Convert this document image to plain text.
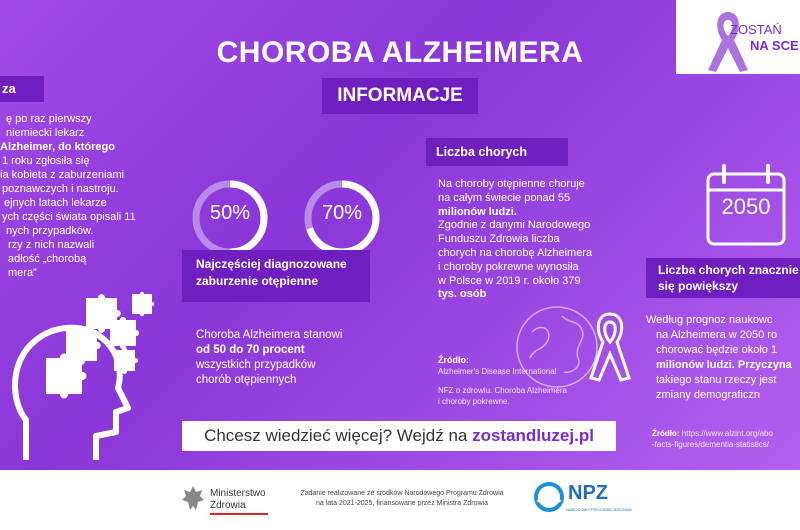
CHOROBA ALZHEIMERA
INFORMACJE
ZOSTAŃ
NA SCE
za
ę po raz pierwszy
niemiecki lekarz
Alzheimer, do którego
1 roku zgłosiła się
ia kobieta z zaburzeniami
poznawczych i nastroju.
ejnych latach lekarze
ych części świata opisali 11
nych przypadków.
rzy z nich nazwali
adłość „chorobą
mera”
50%	70%
Najczęściej diagnozowane
zaburzenie otępienne
Choroba Alzheimera stanowi
od 50 do 70 procent
wszystkich przypadków
chorób otępiennych
Liczba chorych
Na choroby otępienne choruje
na całym świecie ponad 55
milionów ludzi.
Zgodnie z danymi Narodowego
Funduszu Zdrowia liczba
chorych na chorobę Alzheimera
i choroby pokrewne wynosiła
w Polsce w 2019 r. około 379
tys. osób
Źródło:
Alzheimer's Disease International
NFZ o zdrowiu. Choroba Alzheimera
i choroby pokrewne.
2050
Liczba chorych znacznie
się powiększy
Według prognoz naukowc
na Alzheimera w 2050 ro
chorować będzie około 1
milionów ludzi. Przyczyna
takiego stanu rzeczy jest
zmiany demograficzn
Źródło: https://www.alzint.org/abo
-facts-figures/dementia-statistics/
Chcesz wiedzieć więcej? Wejdź na zostandluzej.pl
Ministerstwo
Zdrowia
Zadanie realizowane ze środków Narodowego Programu Zdrowia
na lata 2021-2025, finansowane przez Ministra Zdrowia	NPZ
NARODOWY PROGRAM ZDROWIA
